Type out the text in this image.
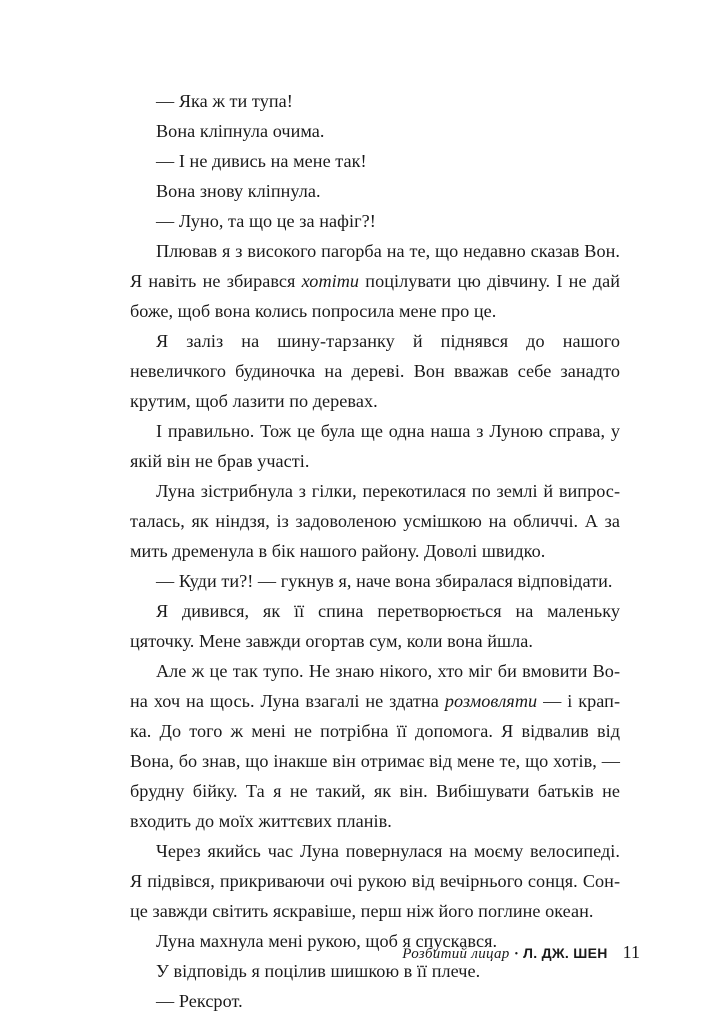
— Яка ж ти тупа!

Вона кліпнула очима.

— І не дивись на мене так!

Вона знову кліпнула.

— Луно, та що це за нафіг?!

Плював я з високого пагорба на те, що недавно сказав Вон. Я навіть не збирався хотіти поцілувати цю дівчину. І не дай боже, щоб вона колись попросила мене про це.

Я заліз на шину-тарзанку й піднявся до нашого невеличкого будиночка на дереві. Вон вважав себе занадто крутим, щоб лазити по деревах.

І правильно. Тож це була ще одна наша з Луною справа, у якій він не брав участі.

Луна зістрибнула з гілки, перекотилася по землі й випросталась, як ніндзя, із задоволеною усмішкою на обличчі. А за мить дременула в бік нашого району. Доволі швидко.

— Куди ти?! — гукнув я, наче вона збиралася відповідати.

Я дивився, як її спина перетворюється на маленьку цяточку. Мене завжди огортав сум, коли вона йшла.

Але ж це так тупо. Не знаю нікого, хто міг би вмовити Вона хоч на щось. Луна взагалі не здатна розмовляти — і крапка. До того ж мені не потрібна її допомога. Я відвалив від Вона, бо знав, що інакше він отримає від мене те, що хотів, — брудну бійку. Та я не такий, як він. Вибішувати батьків не входить до моїх життєвих планів.

Через якийсь час Луна повернулася на моєму велосипеді. Я підвівся, прикриваючи очі рукою від вечірнього сонця. Сонце завжди світить яскравіше, перш ніж його поглине океан.

Луна махнула мені рукою, щоб я спускався.

У відповідь я поцілив шишкою в її плече.

— Рексрот.

Розбитий лицар • Л. ДЖ. ШЕН 11
